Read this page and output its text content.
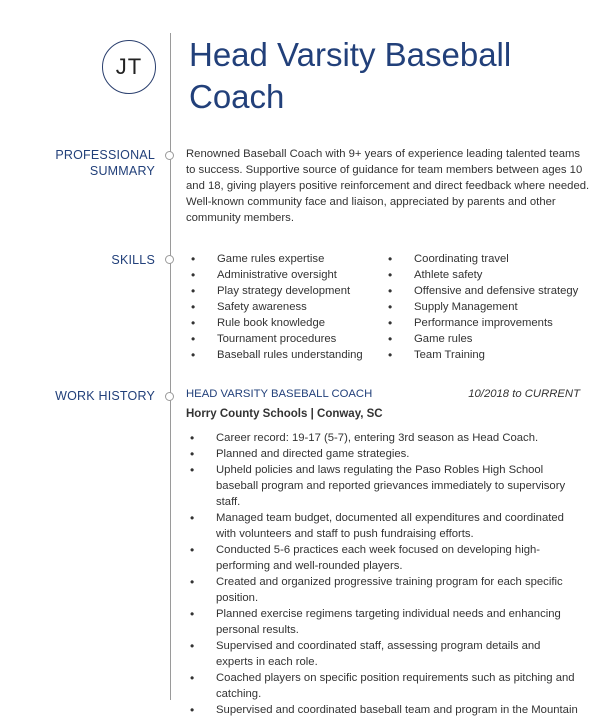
JT Head Varsity Baseball
Coach
PROFESSIONAL
SUMMARY
Renowned Baseball Coach with 9+ years of experience leading talented teams to success. Supportive source of guidance for team members between ages 10 and 18, giving players positive reinforcement and direct feedback where needed. Well-known community face and liaison, appreciated by parents and other community members.
SKILLS	• Game rules expertise
• Administrative oversight
• Play strategy development
• Safety awareness
• Rule book knowledge
• Tournament procedures
• Baseball rules understanding
• Coordinating travel
• Athlete safety
• Offensive and defensive strategy
• Supply Management
• Performance improvements
• Game rules
• Team Training
WORK HISTORY	HEAD VARSITY BASEBALL COACH	10/2018 to CURRENT
Horry County Schools | Conway, SC
• Career record: 19-17 (5-7), entering 3rd season as Head Coach.
• Planned and directed game strategies.
• Upheld policies and laws regulating the Paso Robles High School baseball program and reported grievances immediately to supervisory staff.
• Managed team budget, documented all expenditures and coordinated with volunteers and staff to push fundraising efforts.
• Conducted 5-6 practices each week focused on developing high-performing and well-rounded players.
• Created and organized progressive training program for each specific position.
• Planned exercise regimens targeting individual needs and enhancing personal results.
• Supervised and coordinated staff, assessing program details and experts in each role.
• Coached players on specific position requirements such as pitching and catching.
• Supervised and coordinated baseball team and program in the Mountain
